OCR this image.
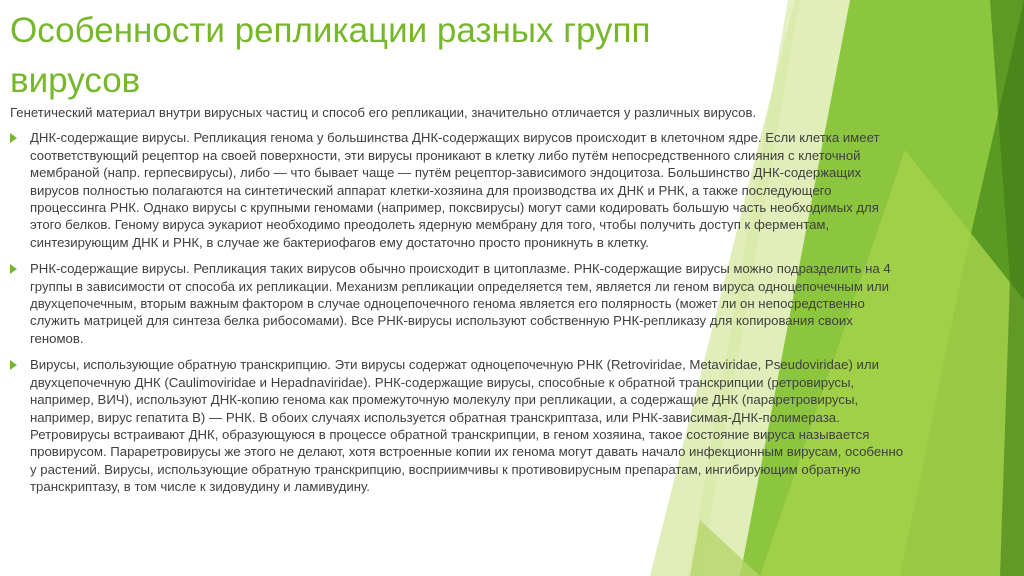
Особенности репликации разных групп вирусов

Генетический материал внутри вирусных частиц и способ его репликации, значительно отличается у различных вирусов.

ДНК-содержащие вирусы. Репликация генома у большинства ДНК-содержащих вирусов происходит в клеточном ядре. Если клетка имеет соответствующий рецептор на своей поверхности, эти вирусы проникают в клетку либо путём непосредственного слияния с клеточной мембраной (напр. герпесвирусы), либо — что бывает чаще — путём рецептор-зависимого эндоцитоза. Большинство ДНК-содержащих вирусов полностью полагаются на синтетический аппарат клетки-хозяина для производства их ДНК и РНК, а также последующего процессинга РНК. Однако вирусы с крупными геномами (например, поксвирусы) могут сами кодировать большую часть необходимых для этого белков. Геному вируса эукариот необходимо преодолеть ядерную мембрану для того, чтобы получить доступ к ферментам, синтезирующим ДНК и РНК, в случае же бактериофагов ему достаточно просто проникнуть в клетку.
РНК-содержащие вирусы. Репликация таких вирусов обычно происходит в цитоплазме. РНК-содержащие вирусы можно подразделить на 4 группы в зависимости от способа их репликации. Механизм репликации определяется тем, является ли геном вируса одноцепочечным или двухцепочечным, вторым важным фактором в случае одноцепочечного генома является его полярность (может ли он непосредственно служить матрицей для синтеза белка рибосомами). Все РНК-вирусы используют собственную РНК-репликазу для копирования своих геномов.
Вирусы, использующие обратную транскрипцию. Эти вирусы содержат одноцепочечную РНК (Retroviridae, Metaviridae, Pseudoviridae) или двухцепочечную ДНК (Caulimoviridae и Hepadnaviridae). РНК-содержащие вирусы, способные к обратной транскрипции (ретровирусы, например, ВИЧ), используют ДНК-копию генома как промежуточную молекулу при репликации, а содержащие ДНК (параретровирусы, например, вирус гепатита В) — РНК. В обоих случаях используется обратная транскриптаза, или РНК-зависимая-ДНК-полимераза. Ретровирусы встраивают ДНК, образующуюся в процессе обратной транскрипции, в геном хозяина, такое состояние вируса называется провирусом. Параретровирусы же этого не делают, хотя встроенные копии их генома могут давать начало инфекционным вирусам, особенно у растений. Вирусы, использующие обратную транскрипцию, восприимчивы к противовирусным препаратам, ингибирующим обратную транскриптазу, в том числе к зидовудину и ламивудину.
